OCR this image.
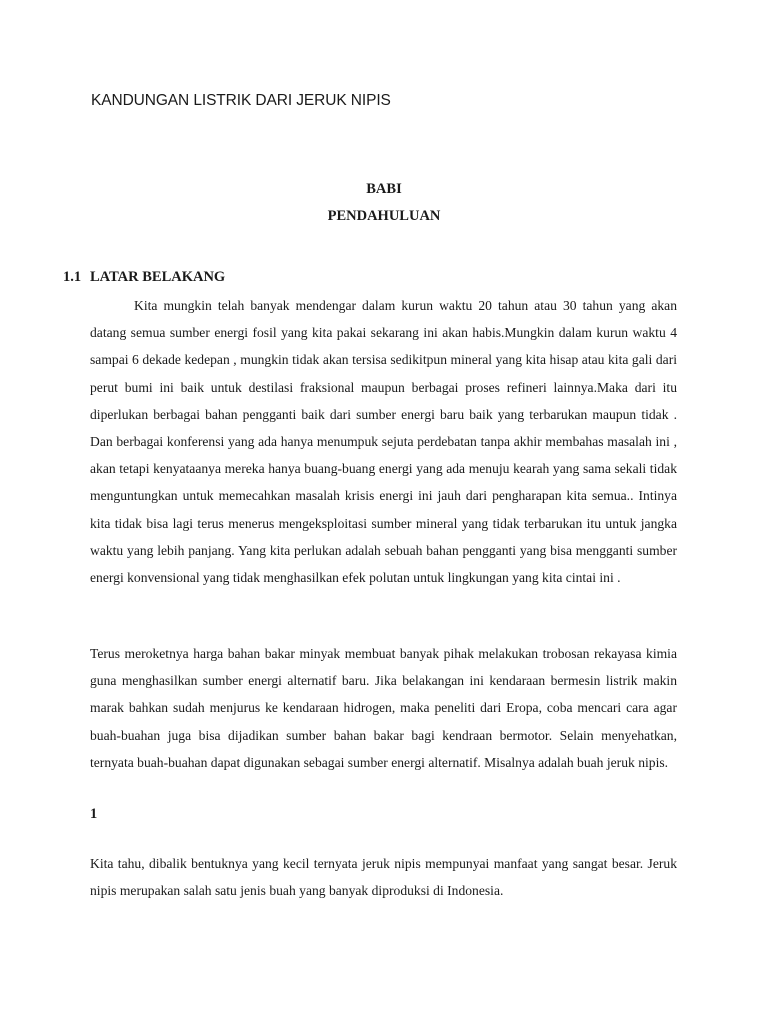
KANDUNGAN LISTRIK DARI JERUK NIPIS
BABI
PENDAHULUAN
1.1 LATAR BELAKANG

Kita mungkin telah banyak mendengar dalam kurun waktu 20 tahun atau 30 tahun yang akan datang semua sumber energi fosil yang kita pakai sekarang ini akan habis.Mungkin dalam kurun waktu 4 sampai 6 dekade kedepan , mungkin tidak akan tersisa sedikitpun mineral yang kita hisap atau kita gali dari perut bumi ini baik untuk destilasi fraksional maupun berbagai proses refineri lainnya.Maka dari itu diperlukan berbagai bahan pengganti baik dari sumber energi baru baik yang terbarukan maupun tidak . Dan berbagai konferensi yang ada hanya menumpuk sejuta perdebatan tanpa akhir membahas masalah ini , akan tetapi kenyataanya mereka hanya buang-buang energi yang ada menuju kearah yang sama sekali tidak menguntungkan untuk memecahkan masalah krisis energi ini jauh dari pengharapan kita semua.. Intinya kita tidak bisa lagi terus menerus mengeksploitasi sumber mineral yang tidak terbarukan itu untuk jangka waktu yang lebih panjang. Yang kita perlukan adalah sebuah bahan pengganti yang bisa mengganti sumber energi konvensional yang tidak menghasilkan efek polutan untuk lingkungan yang kita cintai ini .

Terus meroketnya harga bahan bakar minyak membuat banyak pihak melakukan trobosan rekayasa kimia guna menghasilkan sumber energi alternatif baru. Jika belakangan ini kendaraan bermesin listrik makin marak bahkan sudah menjurus ke kendaraan hidrogen, maka peneliti dari Eropa, coba mencari cara agar buah-buahan juga bisa dijadikan sumber bahan bakar bagi kendraan bermotor. Selain menyehatkan, ternyata buah-buahan dapat digunakan sebagai sumber energi alternatif. Misalnya adalah buah jeruk nipis.

1

Kita tahu, dibalik bentuknya yang kecil ternyata jeruk nipis mempunyai manfaat yang sangat besar. Jeruk nipis merupakan salah satu jenis buah yang banyak diproduksi di Indonesia.
